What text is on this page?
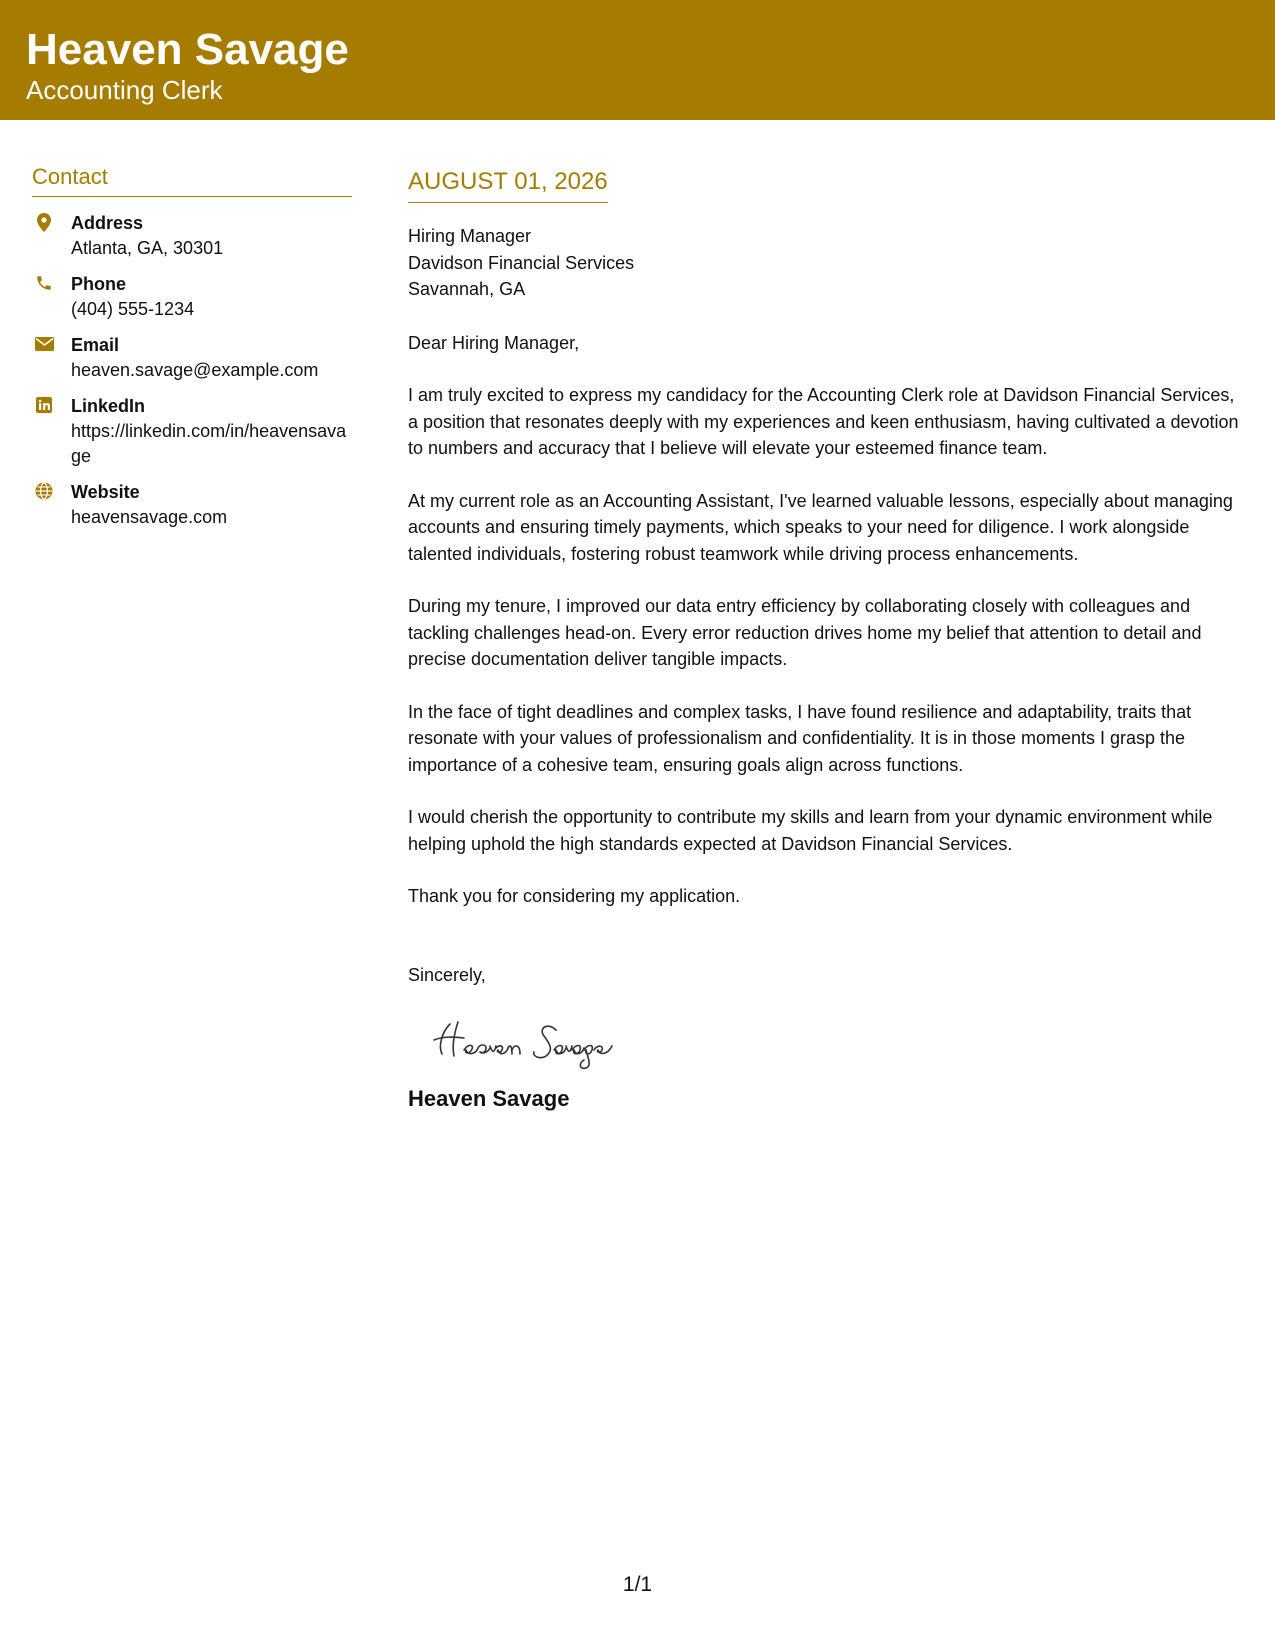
Heaven Savage
Accounting Clerk
Contact
Address
Atlanta, GA, 30301
Phone
(404) 555-1234
Email
heaven.savage@example.com
LinkedIn
https://linkedin.com/in/heavensavage
Website
heavensavage.com
AUGUST 01, 2026
Hiring Manager
Davidson Financial Services
Savannah, GA
Dear Hiring Manager,
I am truly excited to express my candidacy for the Accounting Clerk role at Davidson Financial Services, a position that resonates deeply with my experiences and keen enthusiasm, having cultivated a devotion to numbers and accuracy that I believe will elevate your esteemed finance team.
At my current role as an Accounting Assistant, I've learned valuable lessons, especially about managing accounts and ensuring timely payments, which speaks to your need for diligence. I work alongside talented individuals, fostering robust teamwork while driving process enhancements.
During my tenure, I improved our data entry efficiency by collaborating closely with colleagues and tackling challenges head-on. Every error reduction drives home my belief that attention to detail and precise documentation deliver tangible impacts.
In the face of tight deadlines and complex tasks, I have found resilience and adaptability, traits that resonate with your values of professionalism and confidentiality. It is in those moments I grasp the importance of a cohesive team, ensuring goals align across functions.
I would cherish the opportunity to contribute my skills and learn from your dynamic environment while helping uphold the high standards expected at Davidson Financial Services.
Thank you for considering my application.
Sincerely,
Heaven Savage
1/1
